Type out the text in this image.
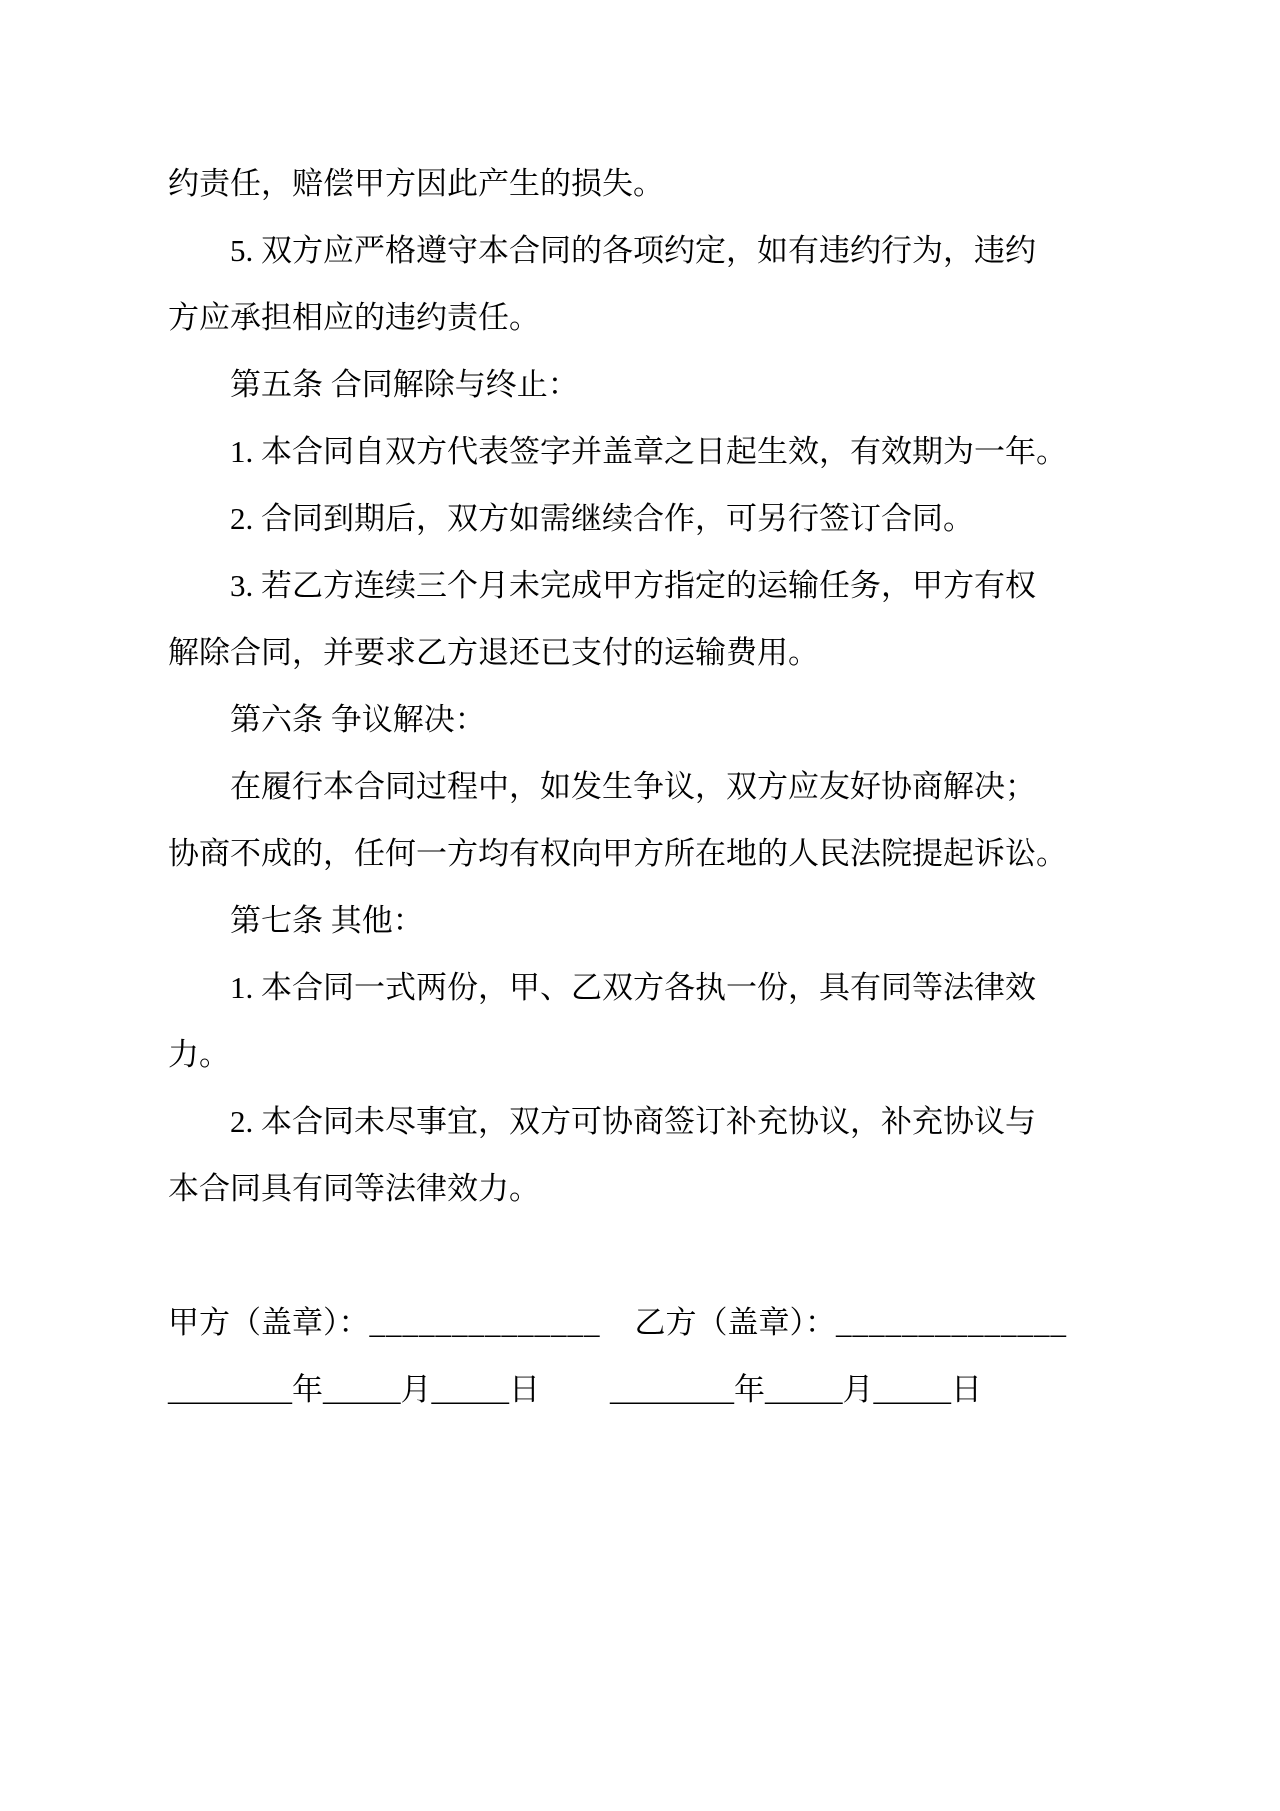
约责任，赔偿甲方因此产生的损失。
5. 双方应严格遵守本合同的各项约定，如有违约行为，违约
方应承担相应的违约责任。
第五条 合同解除与终止：
1. 本合同自双方代表签字并盖章之日起生效，有效期为一年。
2. 合同到期后，双方如需继续合作，可另行签订合同。
3. 若乙方连续三个月未完成甲方指定的运输任务，甲方有权
解除合同，并要求乙方退还已支付的运输费用。
第六条 争议解决：
在履行本合同过程中，如发生争议，双方应友好协商解决；
协商不成的，任何一方均有权向甲方所在地的人民法院提起诉讼。
第七条 其他：
1. 本合同一式两份，甲、乙双方各执一份，具有同等法律效
力。
2. 本合同未尽事宜，双方可协商签订补充协议，补充协议与
本合同具有同等法律效力。
甲方（盖章）： ______________ 乙方（盖章）： ______________
________年_____月_____日 ________年_____月_____日
